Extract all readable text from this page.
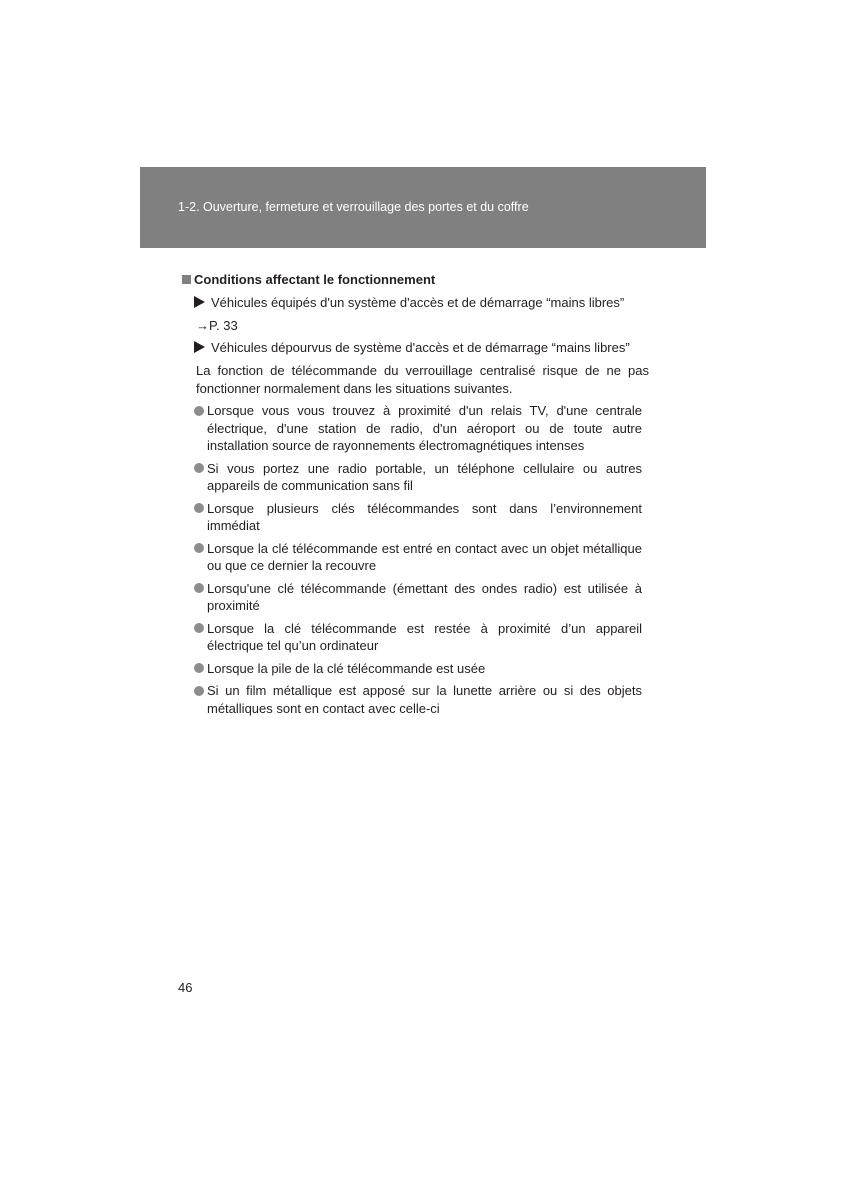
1-2. Ouverture, fermeture et verrouillage des portes et du coffre
Conditions affectant le fonctionnement
Véhicules équipés d'un système d'accès et de démarrage “mains libres”
→P. 33
Véhicules dépourvus de système d'accès et de démarrage “mains libres”
La fonction de télécommande du verrouillage centralisé risque de ne pas fonctionner normalement dans les situations suivantes.
Lorsque vous vous trouvez à proximité d'un relais TV, d'une centrale électrique, d'une station de radio, d'un aéroport ou de toute autre installation source de rayonnements électromagnétiques intenses
Si vous portez une radio portable, un téléphone cellulaire ou autres appareils de communication sans fil
Lorsque plusieurs clés télécommandes sont dans l’environnement immédiat
Lorsque la clé télécommande est entré en contact avec un objet métallique ou que ce dernier la recouvre
Lorsqu'une clé télécommande (émettant des ondes radio) est utilisée à proximité
Lorsque la clé télécommande est restée à proximité d’un appareil électrique tel qu’un ordinateur
Lorsque la pile de la clé télécommande est usée
Si un film métallique est apposé sur la lunette arrière ou si des objets métalliques sont en contact avec celle-ci
46
